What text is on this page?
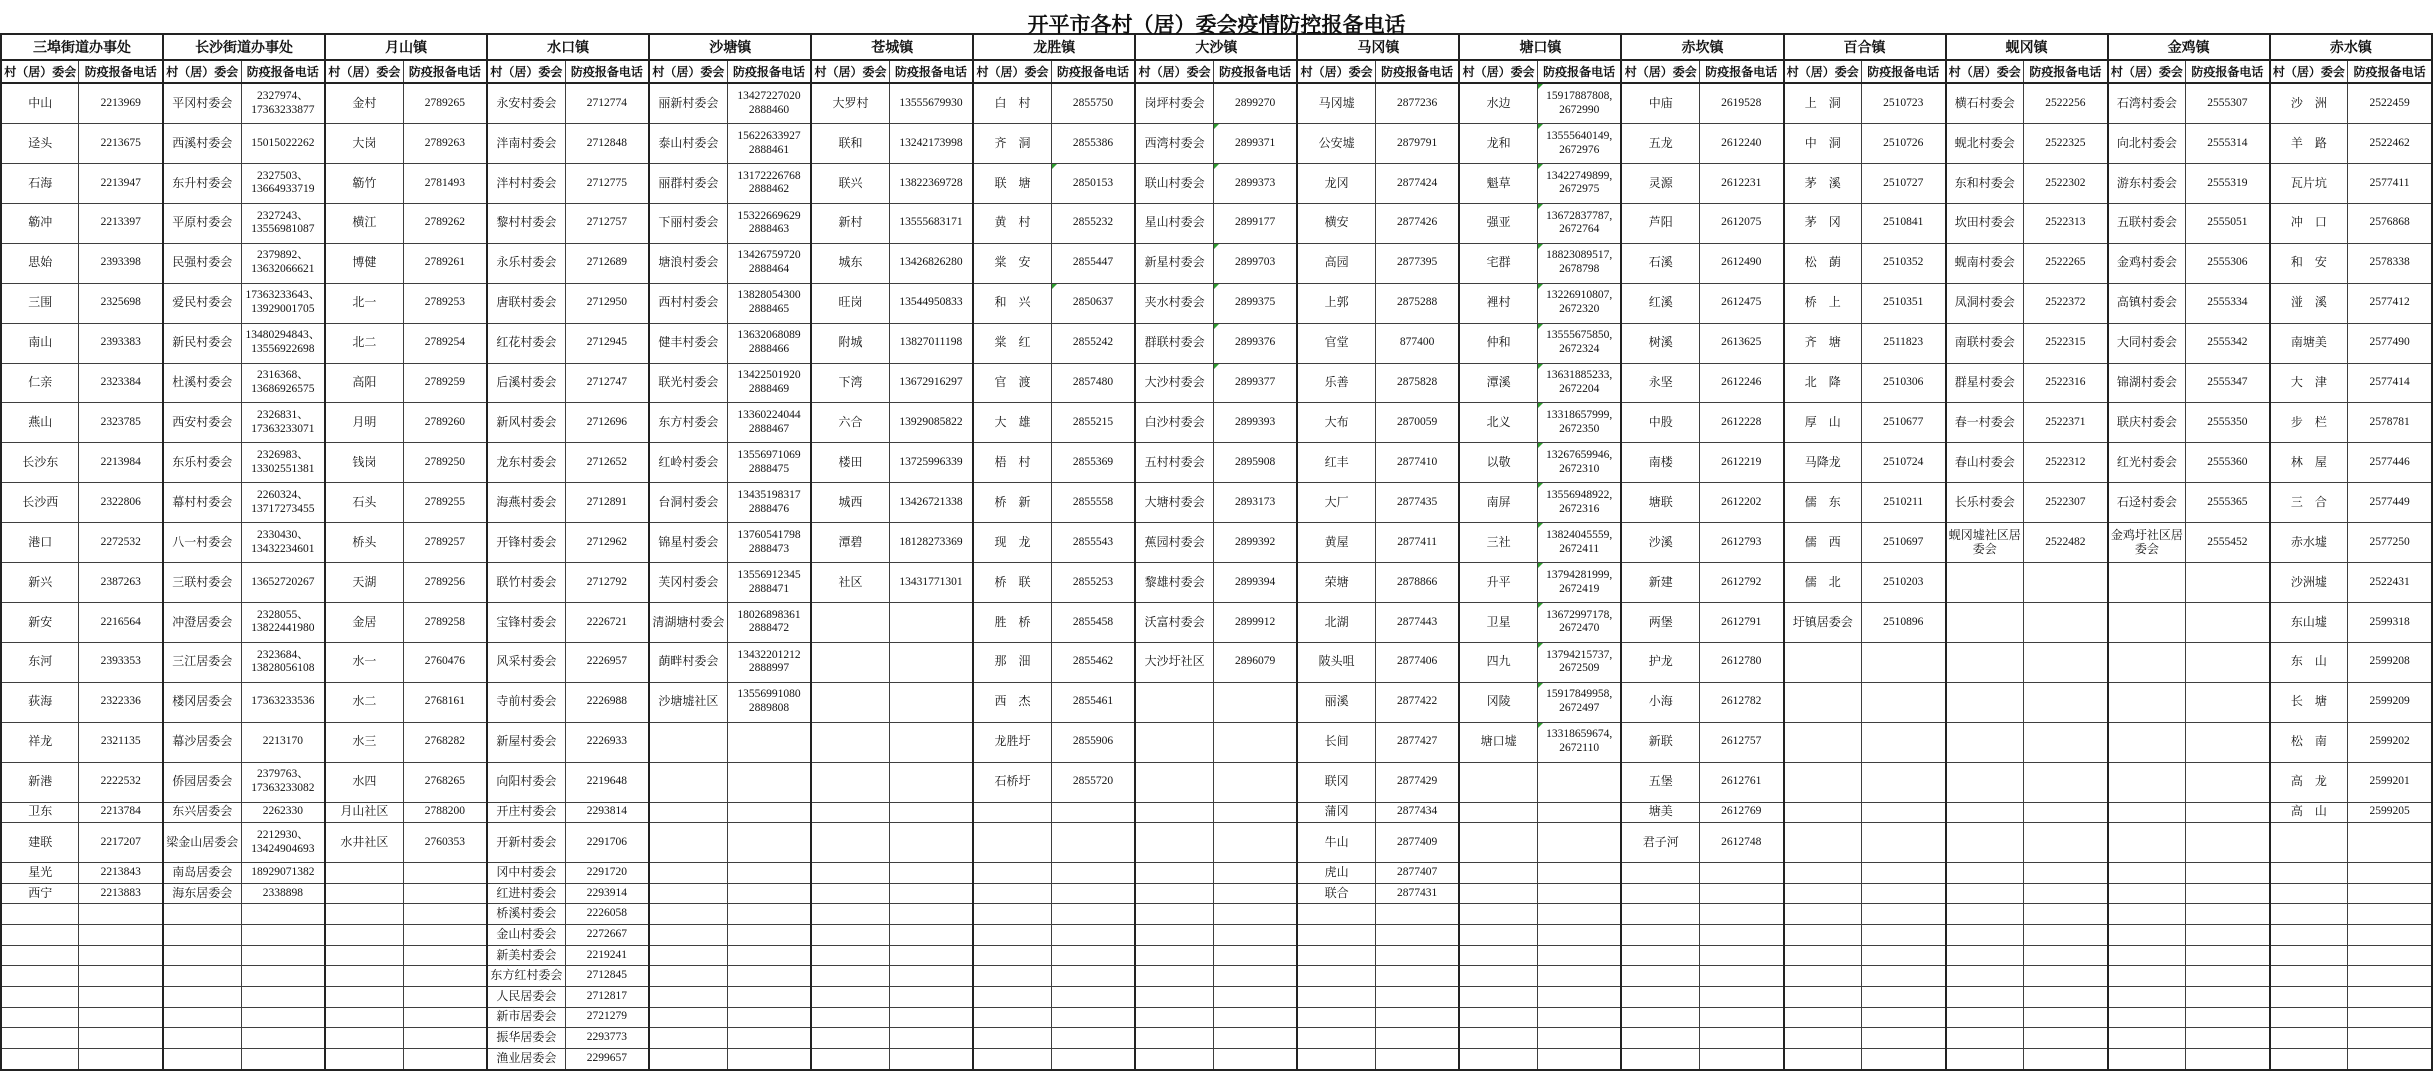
开平市各村（居）委会疫情防控报备电话
三埠街道办事处		长沙街道办事处		月山镇		水口镇		沙塘镇		苍城镇		龙胜镇		大沙镇		马冈镇		塘口镇		赤坎镇		百合镇		蚬冈镇		金鸡镇		赤水镇	
村（居）委会	防疫报备电话	村（居）委会	防疫报备电话	村（居）委会	防疫报备电话	村（居）委会	防疫报备电话	村（居）委会	防疫报备电话	村（居）委会	防疫报备电话	村（居）委会	防疫报备电话	村（居）委会	防疫报备电话	村（居）委会	防疫报备电话	村（居）委会	防疫报备电话	村（居）委会	防疫报备电话	村（居）委会	防疫报备电话	村（居）委会	防疫报备电话	村（居）委会	防疫报备电话	村（居）委会	防疫报备电话
中山	2213969	平冈村委会	2327974、17363233877	金村	2789265	永安村委会	2712774	丽新村委会	13427227020 2888460	大罗村	13555679930	白　村	2855750	岗坪村委会	2899270	马冈墟	2877236	水边	15917887808, 2672990	中庙	2619528	上　洞	2510723	横石村委会	2522256	石湾村委会	2555307	沙　洲	2522459
迳头	2213675	西溪村委会	15015022262	大岗	2789263	泮南村委会	2712848	泰山村委会	15622633927 2888461	联和	13242173998	齐　洞	2855386	西湾村委会	2899371	公安墟	2879791	龙和	13555640149, 2672976	五龙	2612240	中　洞	2510726	蚬北村委会	2522325	向北村委会	2555314	羊　路	2522462
石海	2213947	东升村委会	2327503、13664933719	簕竹	2781493	泮村村委会	2712775	丽群村委会	13172226768 2888462	联兴	13822369728	联　塘	2850153	联山村委会	2899373	龙冈	2877424	魁草	13422749899, 2672975	灵源	2612231	茅　溪	2510727	东和村委会	2522302	游东村委会	2555319	瓦片坑	2577411
簕冲	2213397	平原村委会	2327243、13556981087	横江	2789262	黎村村委会	2712757	下丽村委会	15322669629 2888463	新村	13555683171	黄　村	2855232	星山村委会	2899177	横安	2877426	强亚	13672837787, 2672764	芦阳	2612075	茅　冈	2510841	坎田村委会	2522313	五联村委会	2555051	冲　口	2576868
思始	2393398	民强村委会	2379892、13632066621	博健	2789261	永乐村委会	2712689	塘浪村委会	13426759720 2888464	城东	13426826280	棠　安	2855447	新星村委会	2899703	高园	2877395	宅群	18823089517, 2678798	石溪	2612490	松　蓢	2510352	蚬南村委会	2522265	金鸡村委会	2555306	和　安	2578338
三围	2325698	爱民村委会	17363233643、13929001705	北一	2789253	唐联村委会	2712950	西村村委会	13828054300 2888465	旺岗	13544950833	和　兴	2850637	夹水村委会	2899375	上郭	2875288	裡村	13226910807, 2672320	红溪	2612475	桥　上	2510351	凤洞村委会	2522372	高镇村委会	2555334	湴　溪	2577412
南山	2393383	新民村委会	13480294843、13556922698	北二	2789254	红花村委会	2712945	健丰村委会	13632068089 2888466	附城	13827011198	棠　红	2855242	群联村委会	2899376	官堂	877400	仲和	13555675850, 2672324	树溪	2613625	齐　塘	2511823	南联村委会	2522315	大同村委会	2555342	南塘美	2577490
仁亲	2323384	杜溪村委会	2316368、13686926575	高阳	2789259	后溪村委会	2712747	联光村委会	13422501920 2888469	下湾	13672916297	官　渡	2857480	大沙村委会	2899377	乐善	2875828	潭溪	13631885233, 2672204	永坚	2612246	北　降	2510306	群星村委会	2522316	锦湖村委会	2555347	大　津	2577414
燕山	2323785	西安村委会	2326831、17363233071	月明	2789260	新风村委会	2712696	东方村委会	13360224044 2888467	六合	13929085822	大　雄	2855215	白沙村委会	2899393	大布	2870059	北义	13318657999, 2672350	中股	2612228	厚　山	2510677	春一村委会	2522371	联庆村委会	2555350	步　栏	2578781
长沙东	2213984	东乐村委会	2326983、13302551381	钱岗	2789250	龙东村委会	2712652	红岭村委会	13556971069 2888475	楼田	13725996339	梧　村	2855369	五村村委会	2895908	红丰	2877410	以敬	13267659946, 2672310	南楼	2612219	马降龙	2510724	春山村委会	2522312	红光村委会	2555360	林　屋	2577446
长沙西	2322806	幕村村委会	2260324、13717273455	石头	2789255	海燕村委会	2712891	台洞村委会	13435198317 2888476	城西	13426721338	桥　新	2855558	大塘村委会	2893173	大厂	2877435	南屏	13556948922, 2672316	塘联	2612202	儒　东	2510211	长乐村委会	2522307	石迳村委会	2555365	三　合	2577449
港口	2272532	八一村委会	2330430、13432234601	桥头	2789257	开锋村委会	2712962	锦星村委会	13760541798 2888473	潭碧	18128273369	现　龙	2855543	蕉园村委会	2899392	黄屋	2877411	三社	13824045559, 2672411	沙溪	2612793	儒　西	2510697	蚬冈墟社区居委会	2522482	金鸡圩社区居委会	2555452	赤水墟	2577250
新兴	2387263	三联村委会	13652720267	天湖	2789256	联竹村委会	2712792	芙冈村委会	13556912345 2888471	社区	13431771301	桥　联	2855253	黎雄村委会	2899394	荣塘	2878866	升平	13794281999, 2672419	新建	2612792	儒　北	2510203					沙洲墟	2522431
新安	2216564	冲澄居委会	2328055、13822441980	金居	2789258	宝锋村委会	2226721	清湖塘村委会	18026898361 2888472			胜　桥	2855458	沃富村委会	2899912	北湖	2877443	卫星	13672997178, 2672470	两堡	2612791	圩镇居委会	2510896					东山墟	2599318
东河	2393353	三江居委会	2323684、13828056108	水一	2760476	风采村委会	2226957	蓢畔村委会	13432201212 2888997			那　沺	2855462	大沙圩社区	2896079	陂头咀	2877406	四九	13794215737, 2672509	护龙	2612780							东　山	2599208
荻海	2322336	楼冈居委会	17363233536	水二	2768161	寺前村委会	2226988	沙塘墟社区	13556991080 2889808			西　杰	2855461			丽溪	2877422	冈陵	15917849958, 2672497	小海	2612782							长　塘	2599209
祥龙	2321135	幕沙居委会	2213170	水三	2768282	新屋村委会	2226933					龙胜圩	2855906			长间	2877427	塘口墟	13318659674, 2672110	新联	2612757							松　南	2599202
新港	2222532	侨园居委会	2379763、17363233082	水四	2768265	向阳村委会	2219648					石桥圩	2855720			联冈	2877429			五堡	2612761							高　龙	2599201
卫东	2213784	东兴居委会	2262330	月山社区	2788200	开庄村委会	2293814									蒲冈	2877434			塘美	2612769							高　山	2599205
建联	2217207	梁金山居委会	2212930、13424904693	水井社区	2760353	开新村委会	2291706									牛山	2877409			君子河	2612748								
星光	2213843	南岛居委会	18929071382			冈中村委会	2291720									虎山	2877407												
西宁	2213883	海东居委会	2338898			红进村委会	2293914									联合	2877431												
						桥溪村委会	2226058																						
						金山村委会	2272667																						
						新美村委会	2219241																						
						东方红村委会	2712845																						
						人民居委会	2712817																						
						新市居委会	2721279																						
						振华居委会	2293773																						
						渔业居委会	2299657																						
